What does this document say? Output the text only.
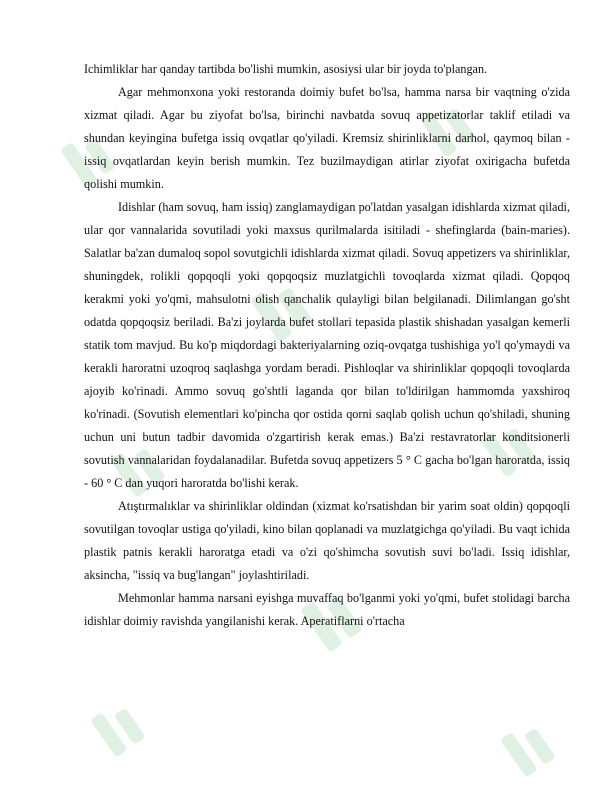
Ichimliklar har qanday tartibda bo'lishi mumkin, asosiysi ular bir joyda to'plangan.

Agar mehmonxona yoki restoranda doimiy bufet bo'lsa, hamma narsa bir vaqtning o'zida xizmat qiladi. Agar bu ziyofat bo'lsa, birinchi navbatda sovuq appetizatorlar taklif etiladi va shundan keyingina bufetga issiq ovqatlar qo'yiladi. Kremsiz shirinliklarni darhol, qaymoq bilan - issiq ovqatlardan keyin berish mumkin. Tez buzilmaydigan atirlar ziyofat oxirigacha bufetda qolishi mumkin.

Idishlar (ham sovuq, ham issiq) zanglamaydigan po'latdan yasalgan idishlarda xizmat qiladi, ular qor vannalarida sovutiladi yoki maxsus qurilmalarda isitiladi - shefinglarda (bain-maries). Salatlar ba'zan dumaloq sopol sovutgichli idishlarda xizmat qiladi. Sovuq appetizers va shirinliklar, shuningdek, rolikli qopqoqli yoki qopqoqsiz muzlatgichli tovoqlarda xizmat qiladi. Qopqoq kerakmi yoki yo'qmi, mahsulotni olish qanchalik qulayligi bilan belgilanadi. Dilimlangan go'sht odatda qopqoqsiz beriladi. Ba'zi joylarda bufet stollari tepasida plastik shishadan yasalgan kemerli statik tom mavjud. Bu ko'p miqdordagi bakteriyalarning oziq-ovqatga tushishiga yo'l qo'ymaydi va kerakli haroratni uzoqroq saqlashga yordam beradi. Pishloqlar va shirinliklar qopqoqli tovoqlarda ajoyib ko'rinadi. Ammo sovuq go'shtli laganda qor bilan to'ldirilgan hammomda yaxshiroq ko'rinadi. (Sovutish elementlari ko'pincha qor ostida qorni saqlab qolish uchun qo'shiladi, shuning uchun uni butun tadbir davomida o'zgartirish kerak emas.) Ba'zi restavratorlar konditsionerli sovutish vannalaridan foydalanadilar. Bufetda sovuq appetizers 5 ° C gacha bo'lgan haroratda, issiq - 60 ° C dan yuqori haroratda bo'lishi kerak.

Atıştırmalıklar va shirinliklar oldindan (xizmat ko'rsatishdan bir yarim soat oldin) qopqoqli sovutilgan tovoqlar ustiga qo'yiladi, kino bilan qoplanadi va muzlatgichga qo'yiladi. Bu vaqt ichida plastik patnis kerakli haroratga etadi va o'zi qo'shimcha sovutish suvi bo'ladi. Issiq idishlar, aksincha, "issiq va bug'langan" joylashtiriladi.

Mehmonlar hamma narsani eyishga muvaffaq bo'lganmi yoki yo'qmi, bufet stolidagi barcha idishlar doimiy ravishda yangilanishi kerak. Aperatiflarni o'rtacha
